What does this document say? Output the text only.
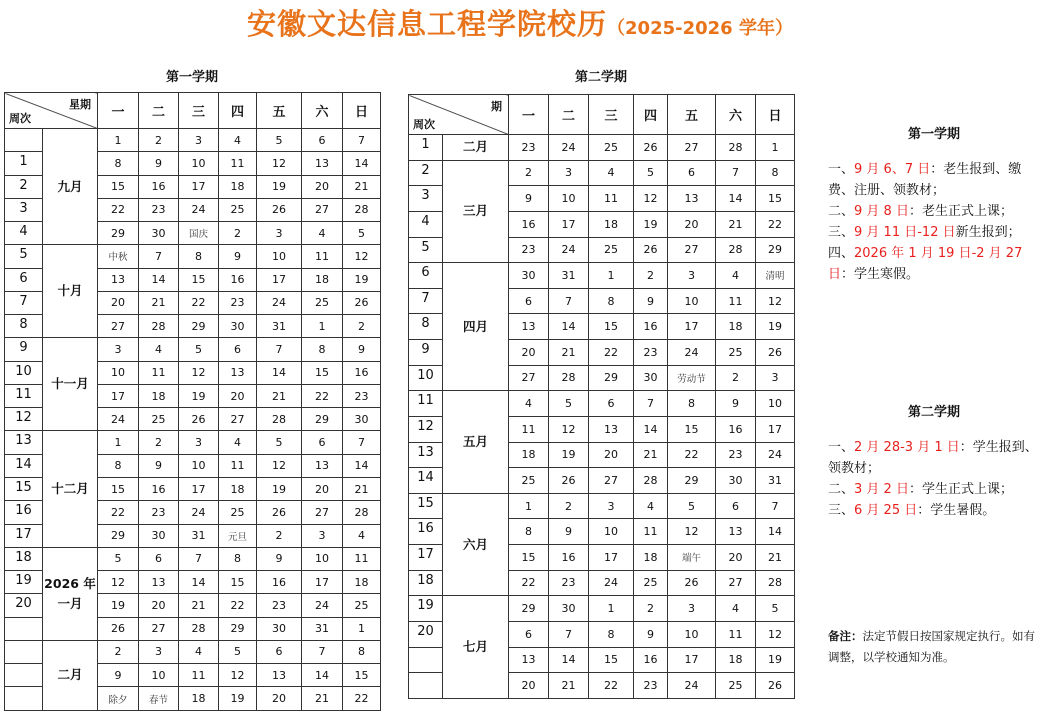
安徽文达信息工程学院校历（2025-2026 学年）
第一学期	第二学期
星期
周次		一	二	三	四	五	六	日
	九月	1	2	3	4	5	6	7
1		8	9	10	11	12	13	14
2		15	16	17	18	19	20	21
3		22	23	24	25	26	27	28
4		29	30	国庆	2	3	4	5
5	十月	中秋	7	8	9	10	11	12
6		13	14	15	16	17	18	19
7		20	21	22	23	24	25	26
8		27	28	29	30	31	1	2
9	十一月	3	4	5	6	7	8	9
10		10	11	12	13	14	15	16
11		17	18	19	20	21	22	23
12		24	25	26	27	28	29	30
13	十二月	1	2	3	4	5	6	7
14		8	9	10	11	12	13	14
15		15	16	17	18	19	20	21
16		22	23	24	25	26	27	28
17		29	30	31	元旦	2	3	4
18	2026 年 一月	5	6	7	8	9	10	11
19		12	13	14	15	16	17	18
20		19	20	21	22	23	24	25
		26	27	28	29	30	31	1
	二月	2	3	4	5	6	7	8
		9	10	11	12	13	14	15
		除夕	春节	18	19	20	21	22
期
周次		一	二	三	四	五	六	日
1	二月	23	24	25	26	27	28	1
2	三月	2	3	4	5	6	7	8
3		9	10	11	12	13	14	15
4		16	17	18	19	20	21	22
5		23	24	25	26	27	28	29
6	四月	30	31	1	2	3	4	清明
7		6	7	8	9	10	11	12
8		13	14	15	16	17	18	19
9		20	21	22	23	24	25	26
10		27	28	29	30	劳动节	2	3
11	五月	4	5	6	7	8	9	10
12		11	12	13	14	15	16	17
13		18	19	20	21	22	23	24
14		25	26	27	28	29	30	31
15	六月	1	2	3	4	5	6	7
16		8	9	10	11	12	13	14
17		15	16	17	18	端午	20	21
18		22	23	24	25	26	27	28
19	七月	29	30	1	2	3	4	5
20		6	7	8	9	10	11	12
		13	14	15	16	17	18	19
		20	21	22	23	24	25	26
第一学期
一、9 月 6、7 日：老生报到、缴费、注册、领教材；
二、9 月 8 日：老生正式上课；
三、9 月 11 日-12 日新生报到；
四、2026 年 1 月 19 日-2 月 27 日：学生寒假。
第二学期
一、2 月 28-3 月 1 日：学生报到、领教材；
二、3 月 2 日：学生正式上课；
三、6 月 25 日：学生暑假。
备注：法定节假日按国家规定执行。如有调整，以学校通知为准。
